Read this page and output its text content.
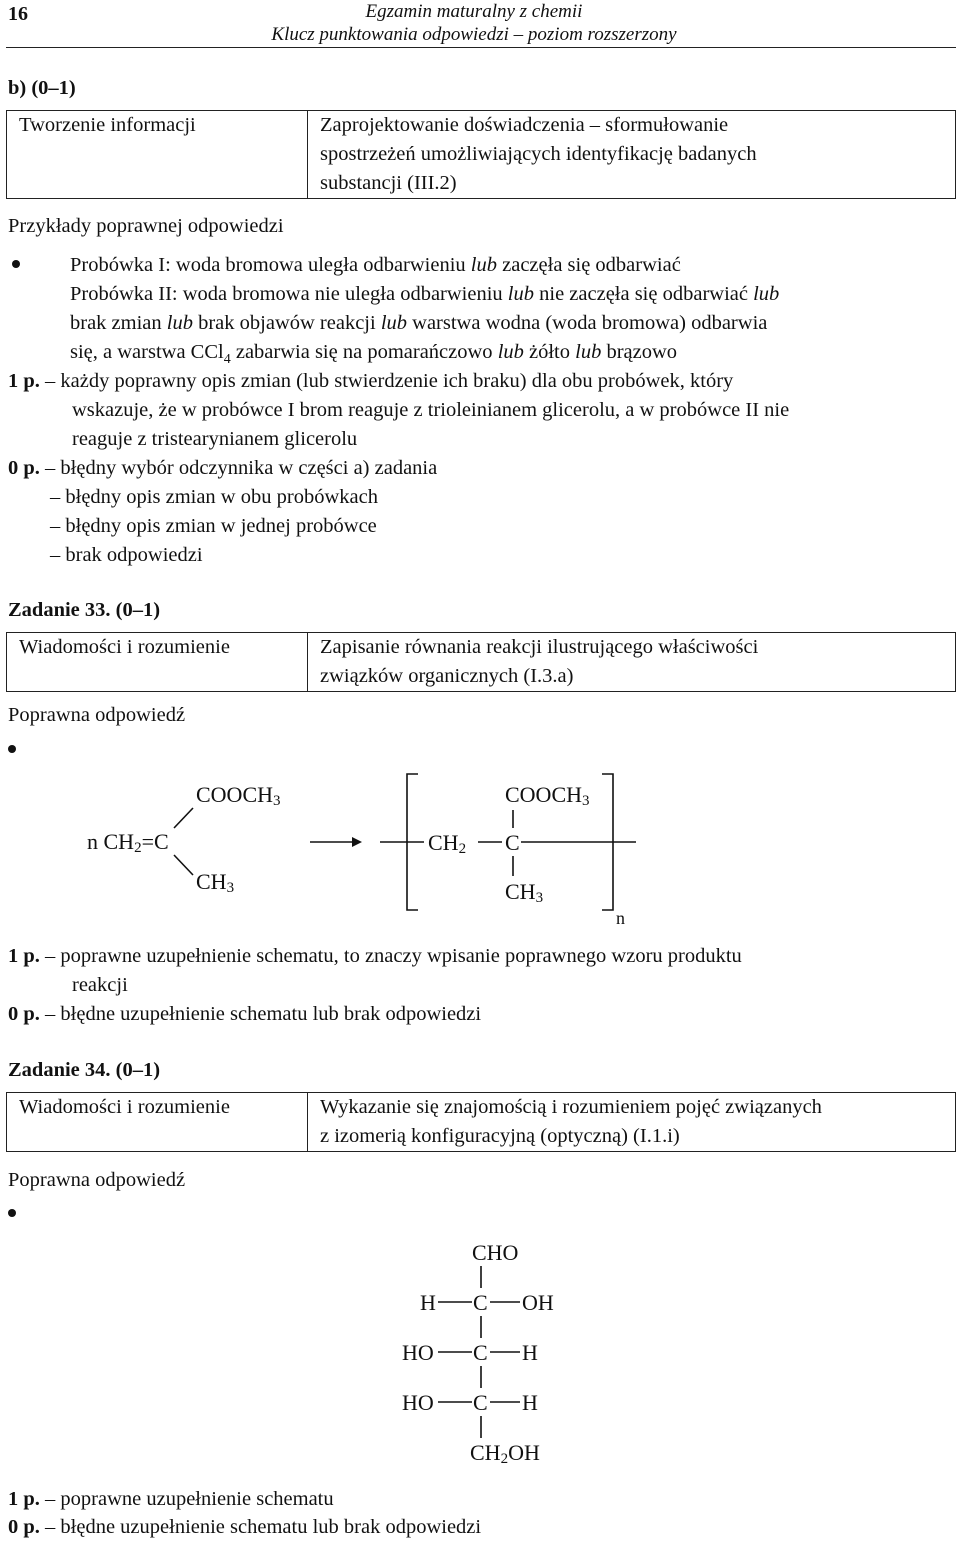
16	Egzamin maturalny z chemii
Klucz punktowania odpowiedzi – poziom rozszerzony
b) (0–1)
Tworzenie informacji	Zaprojektowanie doświadczenia – sformułowanie
spostrzeżeń umożliwiających identyfikację badanych
substancji (III.2)
Przykłady poprawnej odpowiedzi
Probówka I: woda bromowa uległa odbarwieniu lub zaczęła się odbarwiać
Probówka II: woda bromowa nie uległa odbarwieniu lub nie zaczęła się odbarwiać lub
brak zmian lub brak objawów reakcji lub warstwa wodna (woda bromowa) odbarwia
się, a warstwa CCl$_4$ zabarwia się na pomarańczowo lub żółto lub brązowo
1 p. – każdy poprawny opis zmian (lub stwierdzenie ich braku) dla obu probówek, który
wskazuje, że w probówce I brom reaguje z trioleinianem glicerolu, a w probówce II nie
reaguje z tristearynianem glicerolu
0 p. – błędny wybór odczynnika w części a) zadania
– błędny opis zmian w obu probówkach
– błędny opis zmian w jednej probówce
– brak odpowiedzi
Zadanie 33. (0–1)
Wiadomości i rozumienie	Zapisanie równania reakcji ilustrującego właściwości
związków organicznych (I.3.a)
Poprawna odpowiedź
COOCH3
n CH2=C
CH3
CH2 C
COOCH3
CH3
n
1 p. – poprawne uzupełnienie schematu, to znaczy wpisanie poprawnego wzoru produktu
reakcji
0 p. – błędne uzupełnienie schematu lub brak odpowiedzi
Zadanie 34. (0–1)
Wiadomości i rozumienie	Wykazanie się znajomością i rozumieniem pojęć związanych
z izomerią konfiguracyjną (optyczną) (I.1.i)
Poprawna odpowiedź
CHO
H C OH
HO C H
HO C H
CH2OH
1 p. – poprawne uzupełnienie schematu
0 p. – błędne uzupełnienie schematu lub brak odpowiedzi
